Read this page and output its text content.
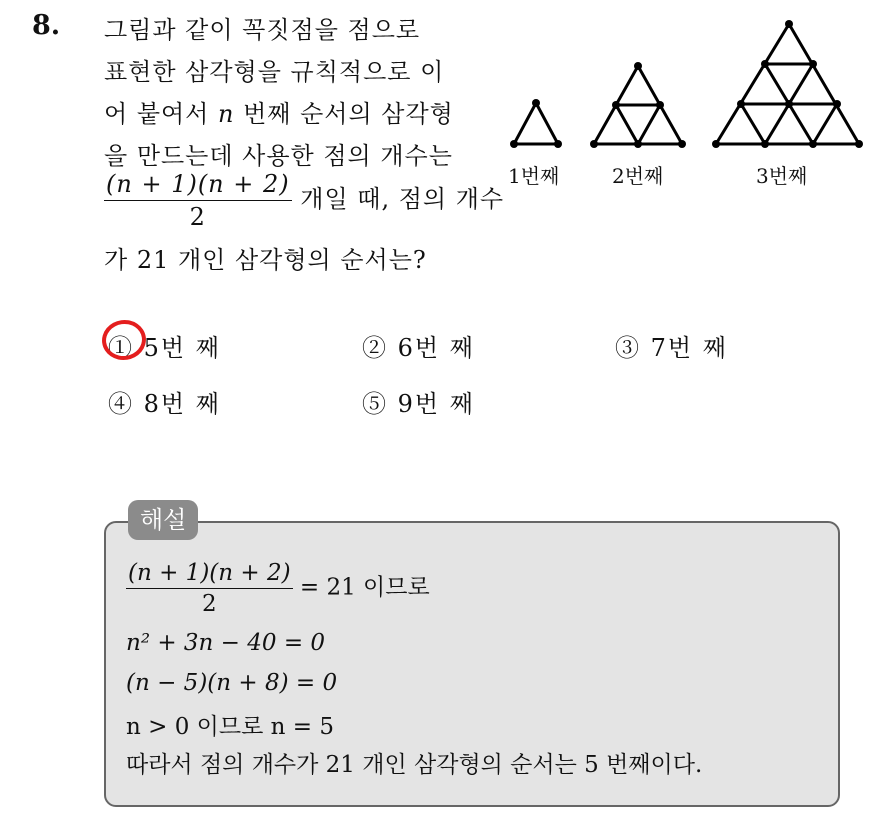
8. 그림과 같이 꼭짓점을 점으로
표현한 삼각형을 규칙적으로 이
어 붙여서 n 번째 순서의 삼각형
을 만드는데 사용한 점의 개수는
$\frac{(n + 1)(n + 2)}{2}$ 개일 때, 점의 개수
가 21 개인 삼각형의 순서는?
1번째	2번째	3번째
① 5번 째	② 6번 째	③ 7번 째
④ 8번 째	⑤ 9번 째
해설
$\frac{(n + 1)(n + 2)}{2} = 21$ 이므로
n² + 3n − 40 = 0
(n − 5)(n + 8) = 0
n > 0 이므로 n = 5
따라서 점의 개수가 21 개인 삼각형의 순서는 5 번째이다.
